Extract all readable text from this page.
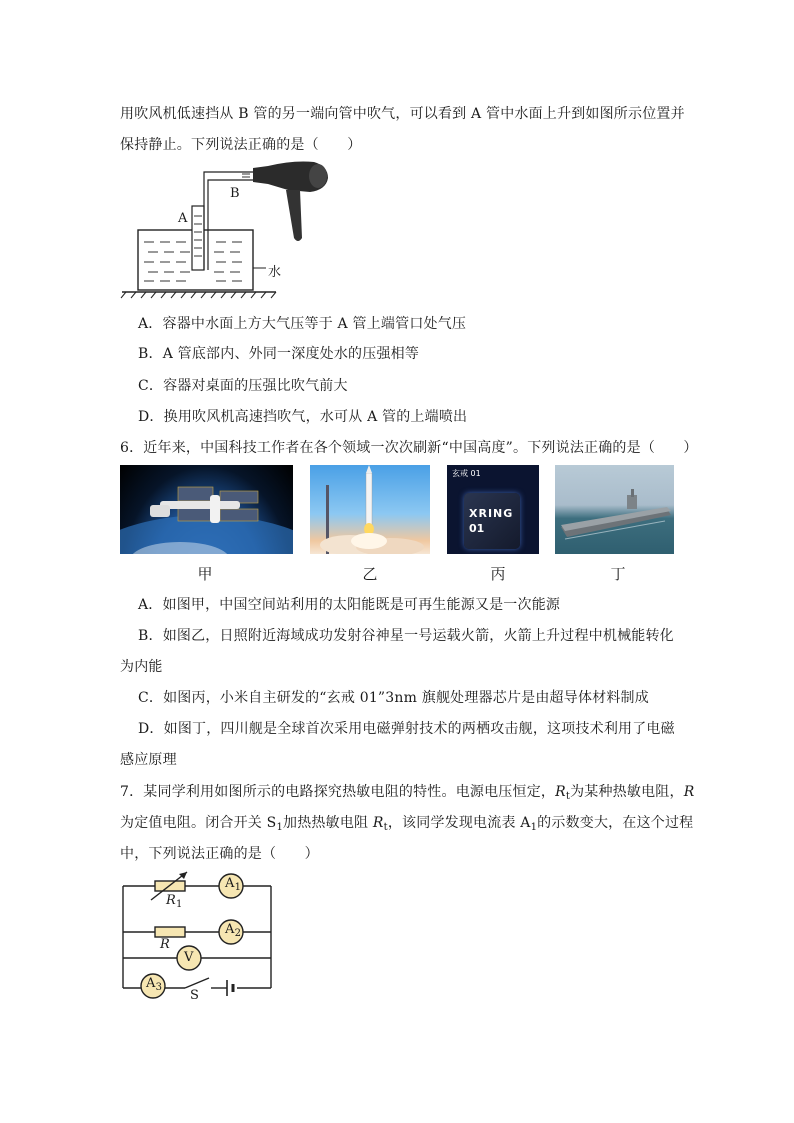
用吹风机低速挡从 B 管的另一端向管中吹气，可以看到 A 管中水面上升到如图所示位置并
保持静止。下列说法正确的是（　　）
A
B
水
A．容器中水面上方大气压等于 A 管上端管口处气压
B．A 管底部内、外同一深度处水的压强相等
C．容器对桌面的压强比吹气前大
D．换用吹风机高速挡吹气，水可从 A 管的上端喷出
6．近年来，中国科技工作者在各个领域一次次刷新“中国高度”。下列说法正确的是（　　）
玄戒 01
XRING
01
甲	乙	丙	丁
A．如图甲，中国空间站利用的太阳能既是可再生能源又是一次能源
B．如图乙，日照附近海域成功发射谷神星一号运载火箭，火箭上升过程中机械能转化
为内能
C．如图丙，小米自主研发的“玄戒 01”3nm 旗舰处理器芯片是由超导体材料制成
D．如图丁，四川舰是全球首次采用电磁弹射技术的两栖攻击舰，这项技术利用了电磁
感应原理
7．某同学利用如图所示的电路探究热敏电阻的特性。电源电压恒定，$R_t$为某种热敏电阻，R
为定值电阻。闭合开关 $S_1$加热热敏电阻 $R_t$，该同学发现电流表 $A_1$的示数变大，在这个过程
中，下列说法正确的是（　　）
$A_1$
$A_2$
$A_3$
V
$R_1$
R
S
